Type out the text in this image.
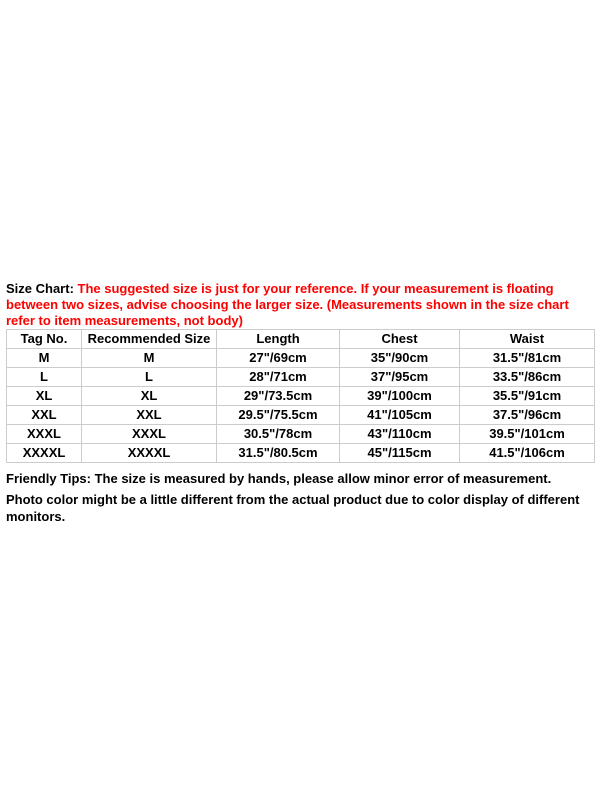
Size Chart: The suggested size is just for your reference. If your measurement is floating between two sizes, advise choosing the larger size. (Measurements shown in the size chart refer to item measurements, not body)

Tag No.	Recommended Size	Length	Chest	Waist
M	M	27"/69cm	35"/90cm	31.5"/81cm
L	L	28"/71cm	37"/95cm	33.5"/86cm
XL	XL	29"/73.5cm	39"/100cm	35.5"/91cm
XXL	XXL	29.5"/75.5cm	41"/105cm	37.5"/96cm
XXXL	XXXL	30.5"/78cm	43"/110cm	39.5"/101cm
XXXXL	XXXXL	31.5"/80.5cm	45"/115cm	41.5"/106cm

Friendly Tips: The size is measured by hands, please allow minor error of measurement.

Photo color might be a little different from the actual product due to color display of different monitors.
